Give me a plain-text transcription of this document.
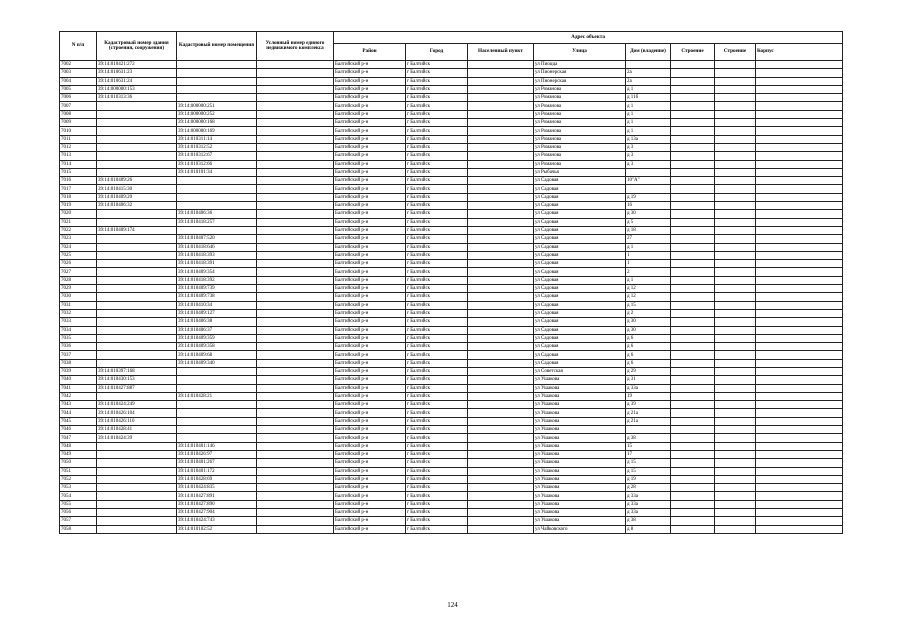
N п/п	Кадастровый номер здания (строения, сооружения)	Кадастровый номер помещения	Условный номер единого недвижимого комплекса	Адрес объекта							
				Район	Город	Населенный пункт	Улица	Дом (владение)	Строение	Строение	Корпус
7002	39:14:010421:272			Балтийский р-н	г Балтийск		ул Пиоцца				
7003	39:14:010631:23			Балтийский р-н	г Балтийск		ул Пионерская	2а			
7004	39:14:010631:24			Балтийский р-н	г Балтийск		ул Пионерская	2а			
7005	39:14:000000:153			Балтийский р-н	г Балтийск		ул Романова	д 1			
7006	39:14:010313:36			Балтийский р-н	г Балтийск		ул Романова	д 11б			
7007		39:14:000000:251		Балтийский р-н	г Балтийск		ул Романова	д 1			
7008		39:14:000000:252		Балтийский р-н	г Балтийск		ул Романова	д 1			
7009		39:14:000000:168		Балтийский р-н	г Балтийск		ул Романова	д 1			
7010		39:14:000000:169		Балтийский р-н	г Балтийск		ул Романова	д 1			
7011		39:14:010311:14		Балтийский р-н	г Балтийск		ул Романова	д 13а			
7012		39:14:010312:52		Балтийский р-н	г Балтийск		ул Романова	д 3			
7013		39:14:010312:67		Балтийский р-н	г Балтийск		ул Романова	д 3			
7014		39:14:010312:66		Балтийский р-н	г Балтийск		ул Романова	д 3			
7015		39:14:010101:34		Балтийский р-н	г Балтийск		ул Рыбачья				
7016	39:14:010409:26			Балтийский р-н	г Балтийск		ул Садовая	10"А"			
7017	39:14:010415:30			Балтийский р-н	г Балтийск		ул Садовая				
7018	39:14:010409:20			Балтийский р-н	г Балтийск		ул Садовая	д 19			
7019	39:14:010406:32			Балтийский р-н	г Балтийск		ул Садовая	16			
7020		39:14:010406:36		Балтийский р-н	г Балтийск		ул Садовая	д 30			
7021		39:14:010418:257		Балтийский р-н	г Балтийск		ул Садовая	д 5			
7022	39:14:010409:174			Балтийский р-н	г Балтийск		ул Садовая	д 18			
7023		39:14:010407:520		Балтийский р-н	г Балтийск		ул Садовая	27			
7024		39:14:010418:646		Балтийский р-н	г Балтийск		ул Садовая	д 1			
7025		39:14:010418:393		Балтийский р-н	г Балтийск		ул Садовая	1			
7026		39:14:010418:391		Балтийский р-н	г Балтийск		ул Садовая	1			
7027		39:14:010409:354		Балтийский р-н	г Балтийск		ул Садовая	2			
7028		39:14:010418:392		Балтийский р-н	г Балтийск		ул Садовая	д 1			
7029		39:14:010409:739		Балтийский р-н	г Балтийск		ул Садовая	д 12			
7030		39:14:010409:738		Балтийский р-н	г Балтийск		ул Садовая	д 12			
7031		39:14:010410:34		Балтийский р-н	г Балтийск		ул Садовая	д 15			
7032		39:14:010409:127		Балтийский р-н	г Балтийск		ул Садовая	д 2			
7033		39:14:010406:38		Балтийский р-н	г Балтийск		ул Садовая	д 30			
7034		39:14:010406:37		Балтийский р-н	г Балтийск		ул Садовая	д 30			
7035		39:14:010409:359		Балтийский р-н	г Балтийск		ул Садовая	д 6			
7036		39:14:010409:358		Балтийский р-н	г Балтийск		ул Садовая	д 6			
7037		39:14:010409:68		Балтийский р-н	г Балтийск		ул Садовая	д 6			
7038		39:14:010409:340		Балтийский р-н	г Балтийск		ул Садовая	д 6			
7039	39:14:010397:168			Балтийский р-н	г Балтийск		ул Советская	д 29			
7040	39:14:010430:153			Балтийский р-н	г Балтийск		ул Ушакова	д 31			
7041	39:14:010427:887			Балтийский р-н	г Балтийск		ул Ушакова	д 33а			
7042		39:14:010428:21		Балтийский р-н	г Балтийск		ул Ушакова	19			
7043	39:14:010424:249			Балтийский р-н	г Балтийск		ул Ушакова	д 39			
7044	39:14:010426:104			Балтийский р-н	г Балтийск		ул Ушакова	д 21а			
7045	39:14:010426:110			Балтийский р-н	г Балтийск		ул Ушакова	д 21а			
7046	39:14:010428:41			Балтийский р-н	г Балтийск		ул Ушакова				
7047	39:14:010424:39			Балтийский р-н	г Балтийск		ул Ушакова	д 38			
7048		39:14:010401:146		Балтийский р-н	г Балтийск		ул Ушакова	15			
7049		39:14:010426:97		Балтийский р-н	г Балтийск		ул Ушакова	17			
7050		39:14:010401:267		Балтийский р-н	г Балтийск		ул Ушакова	д 15			
7051		39:14:010401:172		Балтийский р-н	г Балтийск		ул Ушакова	д 15			
7052		39:14:010428:69		Балтийский р-н	г Балтийск		ул Ушакова	д 19			
7053		39:14:010424:835		Балтийский р-н	г Балтийск		ул Ушакова	д 28			
7054		39:14:010427:891		Балтийский р-н	г Балтийск		ул Ушакова	д 33а			
7055		39:14:010427:890		Балтийский р-н	г Балтийск		ул Ушакова	д 33а			
7056		39:14:010427:904		Балтийский р-н	г Балтийск		ул Ушакова	д 33а			
7057		39:14:010424:743		Балтийский р-н	г Балтийск		ул Ушакова	д 38			
7058		39:14:010102:52		Балтийский р-н	г Балтийск		ул Чайковского	д 8			
124
